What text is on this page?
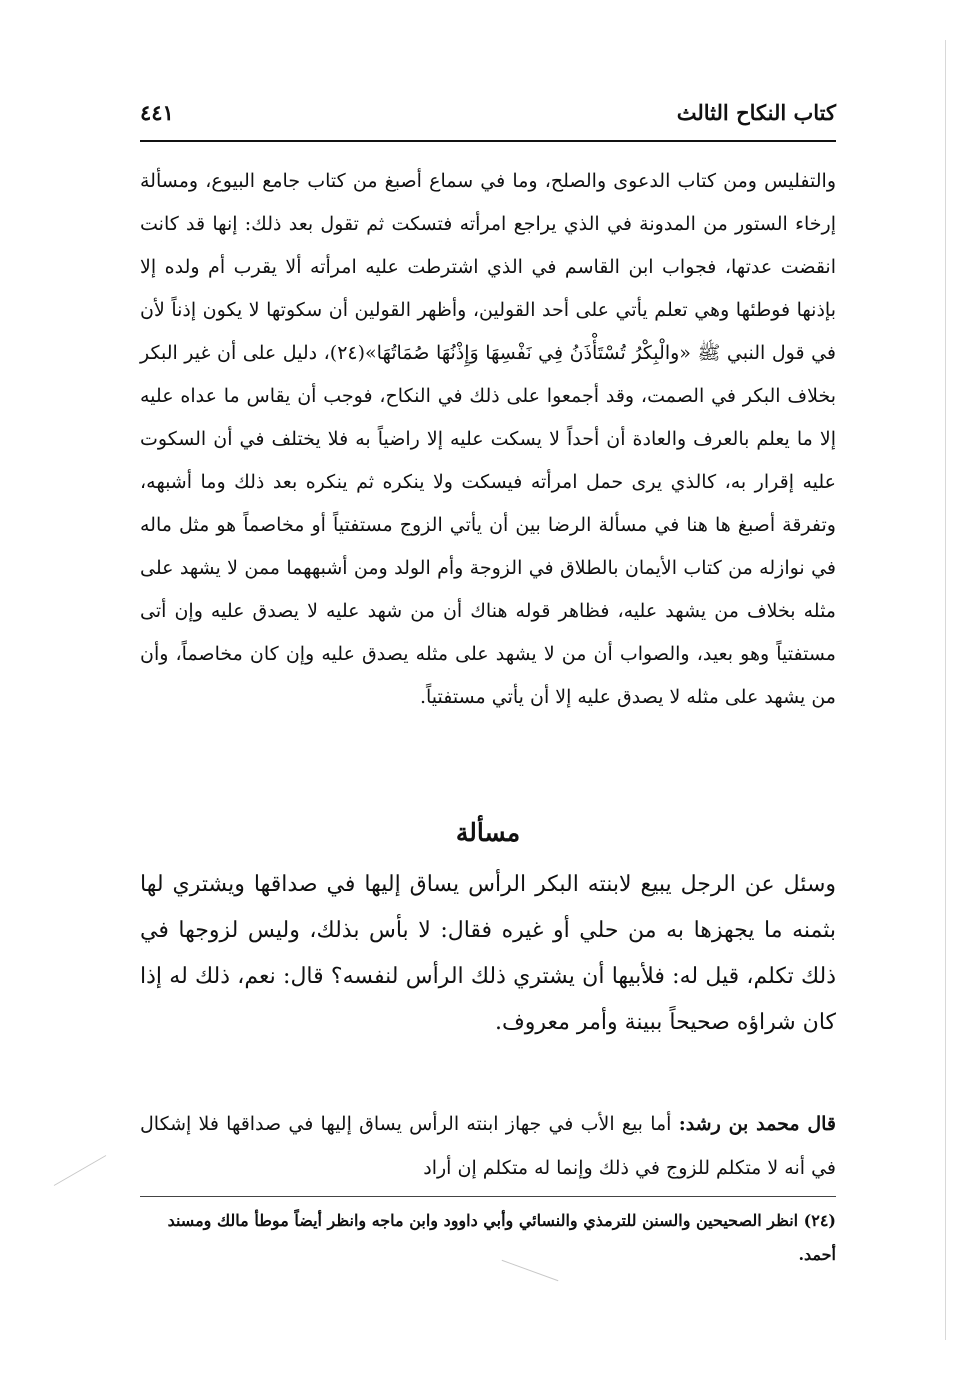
كتاب النكاح الثالث
٤٤١
والتفليس ومن كتاب الدعوى والصلح، وما في سماع أصبغ من كتاب جامع البيوع، ومسألة إرخاء الستور من المدونة في الذي يراجع امرأته فتسكت ثم تقول بعد ذلك: إنها قد كانت انقضت عدتها، فجواب ابن القاسم في الذي اشترطت عليه امرأته ألا يقرب أم ولده إلا بإذنها فوطئها وهي تعلم يأتي على أحد القولين، وأظهر القولين أن سكوتها لا يكون إذناً لأن في قول النبي ﷺ «والْبِكْرُ تُسْتَأْذَنُ فِي نَفْسِهَا وَإِذْنُهَا صُمَاتُهَا»(٢٤)، دليل على أن غير البكر بخلاف البكر في الصمت، وقد أجمعوا على ذلك في النكاح، فوجب أن يقاس ما عداه عليه إلا ما يعلم بالعرف والعادة أن أحداً لا يسكت عليه إلا راضياً به فلا يختلف في أن السكوت عليه إقرار به، كالذي يرى حمل امرأته فيسكت ولا ينكره ثم ينكره بعد ذلك وما أشبهه، وتفرقة أصبغ ها هنا في مسألة الرضا بين أن يأتي الزوج مستفتياً أو مخاصماً هو مثل ماله في نوازله من كتاب الأيمان بالطلاق في الزوجة وأم الولد ومن أشبههما ممن لا يشهد على مثله بخلاف من يشهد عليه، فظاهر قوله هناك أن من شهد عليه لا يصدق عليه وإن أتى مستفتياً وهو بعيد، والصواب أن من لا يشهد على مثله يصدق عليه وإن كان مخاصماً، وأن من يشهد على مثله لا يصدق عليه إلا أن يأتي مستفتياً.
مسألة
وسئل عن الرجل يبيع لابنته البكر الرأس يساق إليها في صداقها ويشتري لها بثمنه ما يجهزها به من حلي أو غيره فقال: لا بأس بذلك، وليس لزوجها في ذلك تكلم، قيل له: فلأبيها أن يشتري ذلك الرأس لنفسه؟ قال: نعم، ذلك له إذا كان شراؤه صحيحاً ببينة وأمر معروف.
قال محمد بن رشد: أما بيع الأب في جهاز ابنته الرأس يساق إليها في صداقها فلا إشكال في أنه لا متكلم للزوج في ذلك وإنما له متكلم إن أراد
(٢٤) انظر الصحيحين والسنن للترمذي والنسائي وأبي داوود وابن ماجه وانظر أيضاً موطأ مالك ومسند أحمد.
